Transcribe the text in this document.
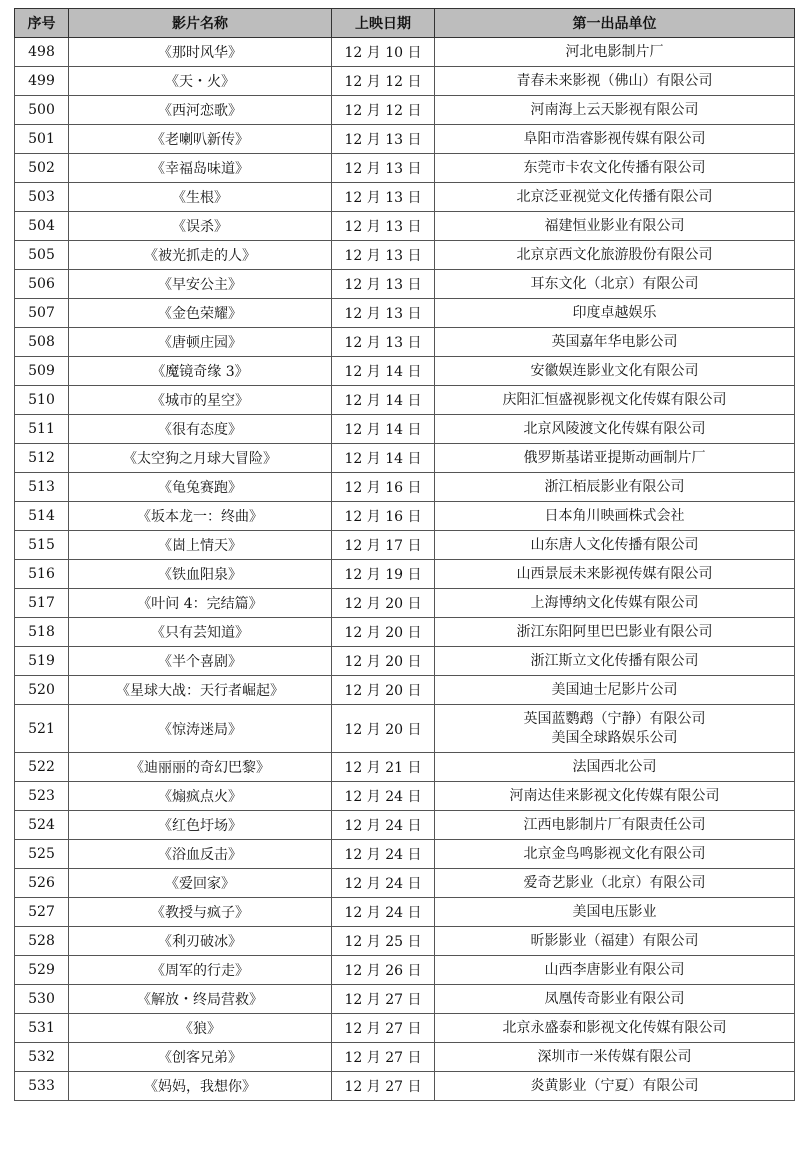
序号	影片名称	上映日期	第一出品单位
498	《那时风华》	12 月 10 日	河北电影制片厂

499	《天・火》	12 月 12 日	青春未来影视（佛山）有限公司

500	《西河恋歌》	12 月 12 日	河南海上云天影视有限公司

501	《老喇叭新传》	12 月 13 日	阜阳市浩睿影视传媒有限公司

502	《幸福岛味道》	12 月 13 日	东莞市卡农文化传播有限公司

503	《生根》	12 月 13 日	北京泛亚视觉文化传播有限公司

504	《误杀》	12 月 13 日	福建恒业影业有限公司

505	《被光抓走的人》	12 月 13 日	北京京西文化旅游股份有限公司

506	《早安公主》	12 月 13 日	耳东文化（北京）有限公司

507	《金色荣耀》	12 月 13 日	印度卓越娱乐

508	《唐顿庄园》	12 月 13 日	英国嘉年华电影公司

509	《魔镜奇缘 3》	12 月 14 日	安徽娱连影业文化有限公司

510	《城市的星空》	12 月 14 日	庆阳汇恒盛视影视文化传媒有限公司

511	《很有态度》	12 月 14 日	北京风陵渡文化传媒有限公司

512	《太空狗之月球大冒险》	12 月 14 日	俄罗斯基诺亚提斯动画制片厂

513	《龟兔赛跑》	12 月 16 日	浙江栢辰影业有限公司

514	《坂本龙一：终曲》	12 月 16 日	日本角川映画株式会社

515	《崮上情天》	12 月 17 日	山东唐人文化传播有限公司

516	《铁血阳泉》	12 月 19 日	山西景辰未来影视传媒有限公司

517	《叶问 4：完结篇》	12 月 20 日	上海博纳文化传媒有限公司

518	《只有芸知道》	12 月 20 日	浙江东阳阿里巴巴影业有限公司

519	《半个喜剧》	12 月 20 日	浙江斯立文化传播有限公司

520	《星球大战：天行者崛起》	12 月 20 日	美国迪士尼影片公司

521	《惊涛迷局》	12 月 20 日	英国蓝鹦鹉（宁静）有限公司
美国全球路娱乐公司

522	《迪丽丽的奇幻巴黎》	12 月 21 日	法国西北公司

523	《煽疯点火》	12 月 24 日	河南达佳来影视文化传媒有限公司

524	《红色圩场》	12 月 24 日	江西电影制片厂有限责任公司

525	《浴血反击》	12 月 24 日	北京金鸟鸣影视文化有限公司

526	《爱回家》	12 月 24 日	爱奇艺影业（北京）有限公司

527	《教授与疯子》	12 月 24 日	美国电压影业

528	《利刃破冰》	12 月 25 日	昕影影业（福建）有限公司

529	《周军的行走》	12 月 26 日	山西李唐影业有限公司

530	《解放・终局营救》	12 月 27 日	凤凰传奇影业有限公司

531	《狼》	12 月 27 日	北京永盛泰和影视文化传媒有限公司

532	《创客兄弟》	12 月 27 日	深圳市一米传媒有限公司

533	《妈妈，我想你》	12 月 27 日	炎黄影业（宁夏）有限公司
